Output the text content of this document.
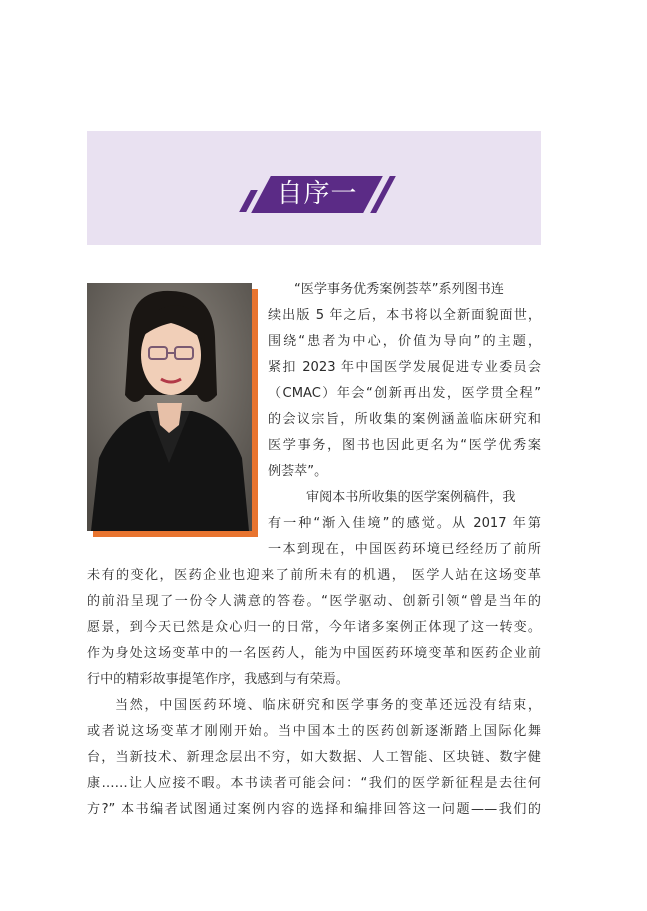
自序一
“医学事务优秀案例荟萃”系列图书连
续出版 5 年之后，本书将以全新面貌面世，
围绕“患者为中心，价值为导向”的主题，
紧扣 2023 年中国医学发展促进专业委员会
（CMAC）年会“创新再出发，医学贯全程”
的会议宗旨，所收集的案例涵盖临床研究和
医学事务，图书也因此更名为“医学优秀案
例荟萃”。
审阅本书所收集的医学案例稿件，我
有一种“渐入佳境”的感觉。从 2017 年第
一本到现在，中国医药环境已经经历了前所
未有的变化，医药企业也迎来了前所未有的机遇， 医学人站在这场变革
的前沿呈现了一份令人满意的答卷。“医学驱动、创新引领“曾是当年的
愿景，到今天已然是众心归一的日常，今年诸多案例正体现了这一转变。
作为身处这场变革中的一名医药人，能为中国医药环境变革和医药企业前
行中的精彩故事提笔作序，我感到与有荣焉。
当然，中国医药环境、临床研究和医学事务的变革还远没有结束，
或者说这场变革才刚刚开始。当中国本土的医药创新逐渐踏上国际化舞
台，当新技术、新理念层出不穷，如大数据、人工智能、区块链、数字健
康……让人应接不暇。本书读者可能会问：“我们的医学新征程是去往何
方?” 本书编者试图通过案例内容的选择和编排回答这一问题——我们的
